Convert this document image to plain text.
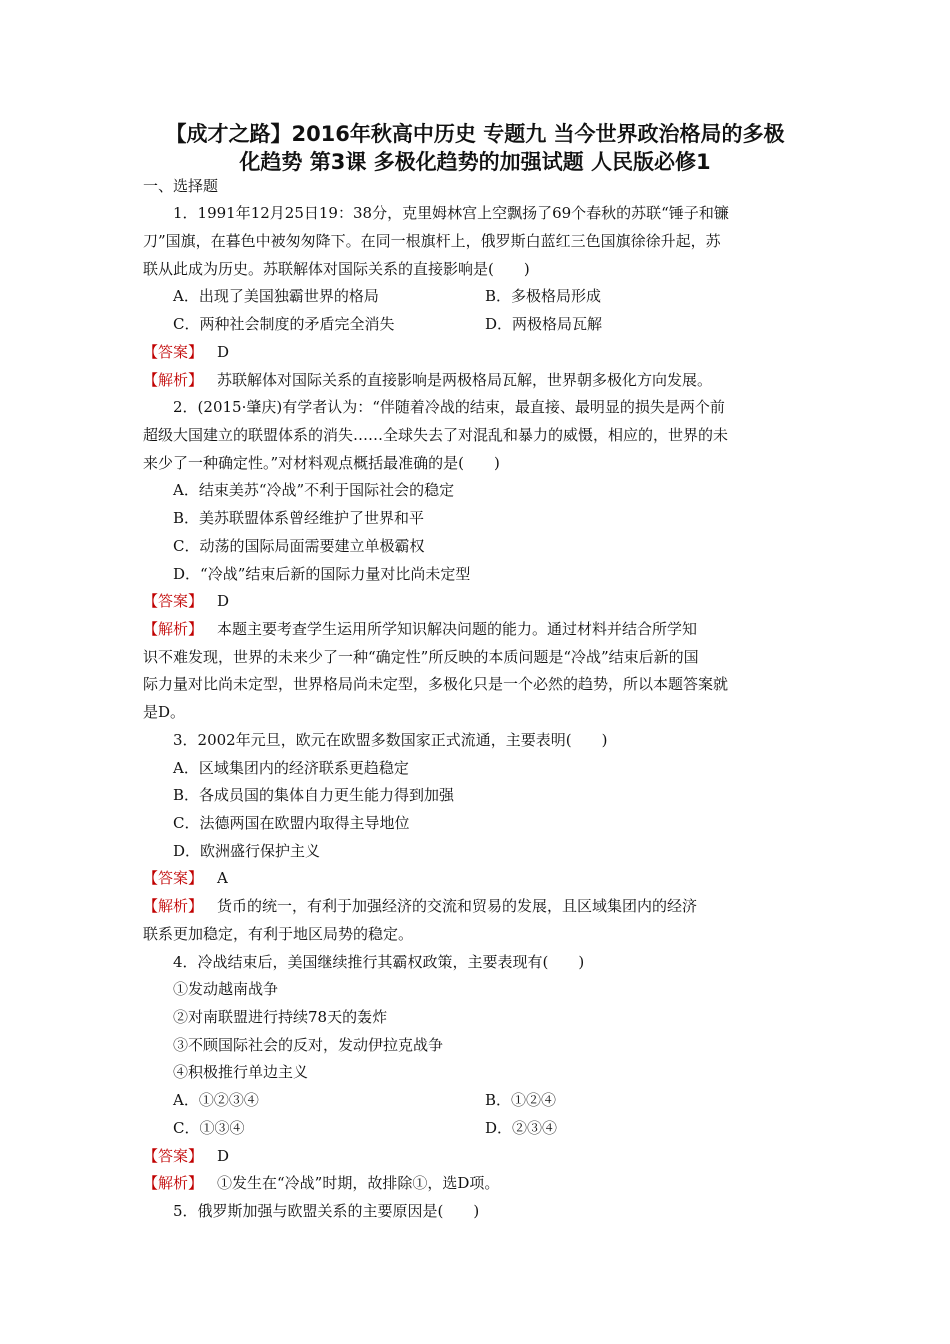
【成才之路】2016年秋高中历史 专题九 当今世界政治格局的多极
化趋势 第3课 多极化趋势的加强试题 人民版必修1
一、选择题
1．1991年12月25日19：38分，克里姆林宫上空飘扬了69个春秋的苏联“锤子和镰
刀”国旗，在暮色中被匆匆降下。在同一根旗杆上，俄罗斯白蓝红三色国旗徐徐升起，苏
联从此成为历史。苏联解体对国际关系的直接影响是(　　)
A．出现了美国独霸世界的格局	B．多极格局形成
C．两种社会制度的矛盾完全消失	D．两极格局瓦解
【答案】 D
【解析】 苏联解体对国际关系的直接影响是两极格局瓦解，世界朝多极化方向发展。
2．(2015·肇庆)有学者认为：“伴随着冷战的结束，最直接、最明显的损失是两个前
超级大国建立的联盟体系的消失……全球失去了对混乱和暴力的威慑，相应的，世界的未
来少了一种确定性。”对材料观点概括最准确的是(　　)
A．结束美苏“冷战”不利于国际社会的稳定
B．美苏联盟体系曾经维护了世界和平
C．动荡的国际局面需要建立单极霸权
D．“冷战”结束后新的国际力量对比尚未定型
【答案】 D
【解析】 本题主要考查学生运用所学知识解决问题的能力。通过材料并结合所学知
识不难发现，世界的未来少了一种“确定性”所反映的本质问题是“冷战”结束后新的国
际力量对比尚未定型，世界格局尚未定型，多极化只是一个必然的趋势，所以本题答案就
是D。
3．2002年元旦，欧元在欧盟多数国家正式流通，主要表明(　　)
A．区域集团内的经济联系更趋稳定
B．各成员国的集体自力更生能力得到加强
C．法德两国在欧盟内取得主导地位
D．欧洲盛行保护主义
【答案】 A
【解析】 货币的统一，有利于加强经济的交流和贸易的发展，且区域集团内的经济
联系更加稳定，有利于地区局势的稳定。
4．冷战结束后，美国继续推行其霸权政策，主要表现有(　　)
①发动越南战争
②对南联盟进行持续78天的轰炸
③不顾国际社会的反对，发动伊拉克战争
④积极推行单边主义
A．①②③④	B．①②④
C．①③④	D．②③④
【答案】 D
【解析】 ①发生在“冷战”时期，故排除①，选D项。
5．俄罗斯加强与欧盟关系的主要原因是(　　)
